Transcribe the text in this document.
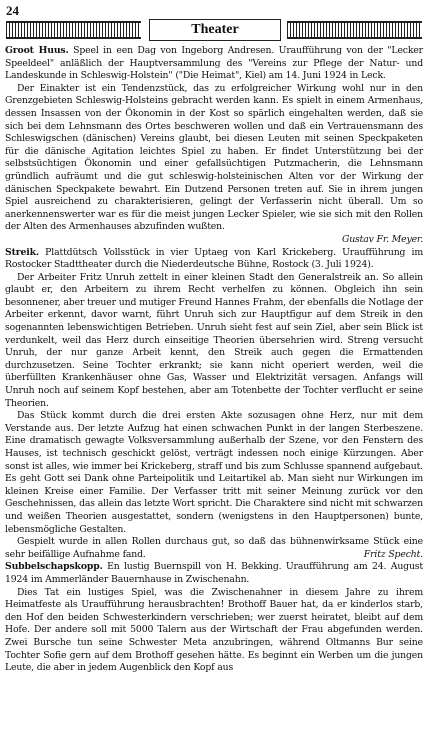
24
Theater

Groot Huus. Speel in een Dag von Ingeborg Andresen. Uraufführung von der "Lecker Speeldeel" anläßlich der Hauptversammlung des "Vereins zur Pflege der Natur- und Landeskunde in Schleswig-Holstein" ("Die Heimat", Kiel) am 14. Juni 1924 in Leck.

Der Einakter ist ein Tendenzstück, das zu erfolgreicher Wirkung wohl nur in den Grenzgebieten Schleswig-Holsteins gebracht werden kann. Es spielt in einem Armenhaus, dessen Insassen von der Ökonomin in der Kost so spärlich eingehalten werden, daß sie sich bei dem Lehnsmann des Ortes beschweren wollen und daß ein Vertrauensmann des Schleswigschen (dänischen) Vereins glaubt, bei diesen Leuten mit seinen Speckpaketen für die dänische Agitation leichtes Spiel zu haben. Er findet Unterstützung bei der selbstsüchtigen Ökonomin und einer gefallsüchtigen Putzmacherin, die Lehnsmann gründlich aufräumt und die gut schleswig-holsteinischen Alten vor der Wirkung der dänischen Speckpakete bewahrt. Ein Dutzend Personen treten auf. Sie in ihrem jungen Spiel ausreichend zu charakterisieren, gelingt der Verfasserin nicht überall. Um so anerkennenswerter war es für die meist jungen Lecker Spieler, wie sie sich mit den Rollen der Alten des Armenhauses abzufinden wußten.

Gustav Fr. Meyer.

Streik. Plattdütsch Vollsstück in vier Uptaeg von Karl Krickeberg. Uraufführung im Rostocker Stadttheater durch die Niederdeutsche Bühne, Rostock (3. Juli 1924).

Der Arbeiter Fritz Unruh zettelt in einer kleinen Stadt den Generalstreik an. So allein glaubt er, den Arbeitern zu ihrem Recht verhelfen zu können. Obgleich ihn sein besonnener, aber treuer und mutiger Freund Hannes Frahm, der ebenfalls die Notlage der Arbeiter erkennt, davor warnt, führt Unruh sich zur Hauptfigur auf dem Streik in den sogenannten lebenswichtigen Betrieben. Unruh sieht fest auf sein Ziel, aber sein Blick ist verdunkelt, weil das Herz durch einseitige Theorien übersehrien wird. Streng versucht Unruh, der nur ganze Arbeit kennt, den Streik auch gegen die Ermattenden durchzusetzen. Seine Tochter erkrankt; sie kann nicht operiert werden, weil die überfüllten Krankenhäuser ohne Gas, Wasser und Elektrizität versagen. Anfangs will Unruh noch auf seinem Kopf bestehen, aber am Totenbette der Tochter verflucht er seine Theorien.

Das Stück kommt durch die drei ersten Akte sozusagen ohne Herz, nur mit dem Verstande aus. Der letzte Aufzug hat einen schwachen Punkt in der langen Sterbeszene. Eine dramatisch gewagte Volksversammlung außerhalb der Szene, vor den Fenstern des Hauses, ist technisch geschickt gelöst, verträgt indessen noch einige Kürzungen. Aber sonst ist alles, wie immer bei Krickeberg, straff und bis zum Schlusse spannend aufgebaut. Es geht Gott sei Dank ohne Parteipolitik und Leitartikel ab. Man sieht nur Wirkungen im kleinen Kreise einer Familie. Der Verfasser tritt mit seiner Meinung zurück vor den Geschehnissen, das allein das letzte Wort spricht. Die Charaktere sind nicht mit schwarzen und weißen Theorien ausgestattet, sondern (wenigstens in den Hauptpersonen) bunte, lebensmögliche Gestalten.

Gespielt wurde in allen Rollen durchaus gut, so daß das bühnenwirksame Stück eine sehr beifällige Aufnahme fand.	Fritz Specht.

Subbelschapskopp. En lustig Buernspill von H. Bekking. Uraufführung am 24. August 1924 im Ammerländer Bauernhause in Zwischenahn.

Dies Tat ein lustiges Spiel, was die Zwischenahner in diesem Jahre zu ihrem Heimatfeste als Uraufführung herausbrachten! Brothoff Bauer hat, da er kinderlos starb, den Hof den beiden Schwesterkindern verschrieben; wer zuerst heiratet, bleibt auf dem Hofe. Der andere soll mit 5000 Talern aus der Wirtschaft der Frau abgefunden werden. Zwei Bursche tun seine Schwester Meta anzubringen, während Oltmanns Bur seine Tochter Sofie gern auf dem Brothoff gesehen hätte. Es beginnt ein Werben um die jungen Leute, die aber in jedem Augenblick den Kopf aus
